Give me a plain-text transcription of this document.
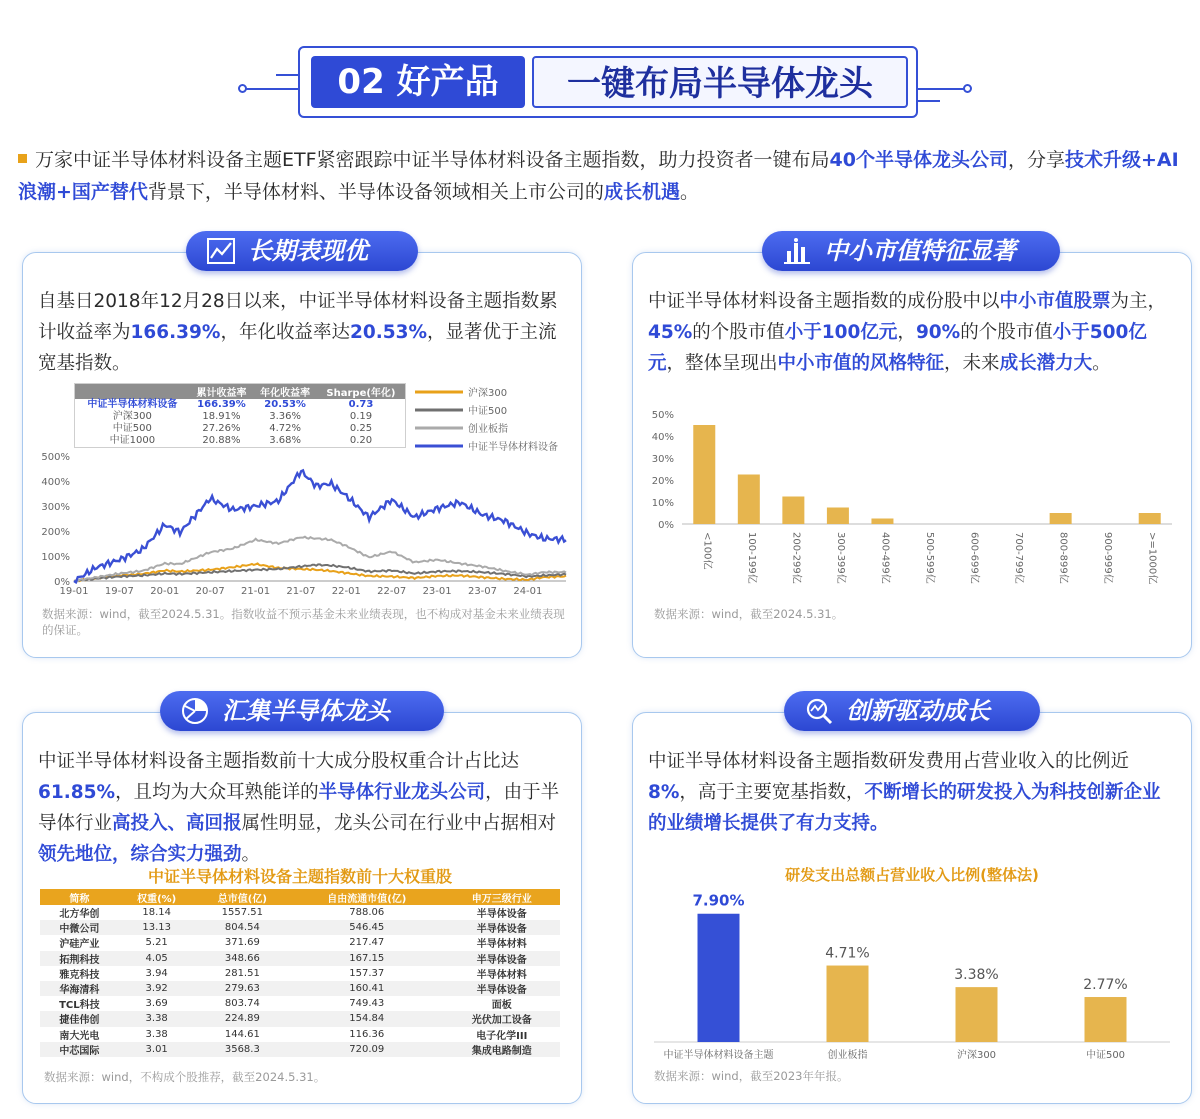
02 好产品	一键布局半导体龙头
万家中证半导体材料设备主题ETF紧密跟踪中证半导体材料设备主题指数，助力投资者一键布局40个半导体龙头公司，分享技术升级+AI浪潮+国产替代背景下，半导体材料、半导体设备领域相关上市公司的成长机遇。
长期表现优
自基日2018年12月28日以来，中证半导体材料设备主题指数累计收益率为166.39%，年化收益率达20.53%，显著优于主流宽基指数。
	累计收益率	年化收益率	Sharpe(年化)
中证半导体材料设备	166.39%	20.53%	0.73
沪深300	18.91%	3.36%	0.19
中证500	27.26%	4.72%	0.25
中证1000	20.88%	3.68%	0.20
0%
100%
200%
300%
400%
500%
19-01 19-07 20-01 20-07 21-01 21-07 22-01 22-07 23-01 23-07 24-01
沪深300
中证500
创业板指
中证半导体材料设备
数据来源：wind，截至2024.5.31。指数收益不预示基金未来业绩表现，也不构成对基金未来业绩表现的保证。
中小市值特征显著
中证半导体材料设备主题指数的成份股中以中小市值股票为主，45%的个股市值小于100亿元，90%的个股市值小于500亿元，整体呈现出中小市值的风格特征，未来成长潜力大。
0%
10%
20%
30%
40%
50%
<100亿	100-199亿	200-299亿	300-399亿	400-499亿	500-599亿	600-699亿	700-799亿	800-899亿	900-999亿	>=1000亿
数据来源：wind，截至2024.5.31。
汇集半导体龙头
中证半导体材料设备主题指数前十大成分股权重合计占比达61.85%，且均为大众耳熟能详的半导体行业龙头公司，由于半导体行业高投入、高回报属性明显，龙头公司在行业中占据相对领先地位，综合实力强劲。
中证半导体材料设备主题指数前十大权重股
简称	权重(%)	总市值(亿)	自由流通市值(亿)	申万三级行业
北方华创	18.14	1557.51	788.06	半导体设备
中微公司	13.13	804.54	546.45	半导体设备
沪硅产业	5.21	371.69	217.47	半导体材料
拓荆科技	4.05	348.66	167.15	半导体设备
雅克科技	3.94	281.51	157.37	半导体材料
华海清科	3.92	279.63	160.41	半导体设备
TCL科技	3.69	803.74	749.43	面板
捷佳伟创	3.38	224.89	154.84	光伏加工设备
南大光电	3.38	144.61	116.36	电子化学III
中芯国际	3.01	3568.3	720.09	集成电路制造
数据来源：wind，不构成个股推荐，截至2024.5.31。
创新驱动成长
中证半导体材料设备主题指数研发费用占营业收入的比例近8%，高于主要宽基指数，不断增长的研发投入为科技创新企业的业绩增长提供了有力支持。
研发支出总额占营业收入比例(整体法)
7.90%
中证半导体材料设备主题
4.71%
创业板指
3.38%
沪深300
2.77%
中证500
数据来源：wind，截至2023年年报。
